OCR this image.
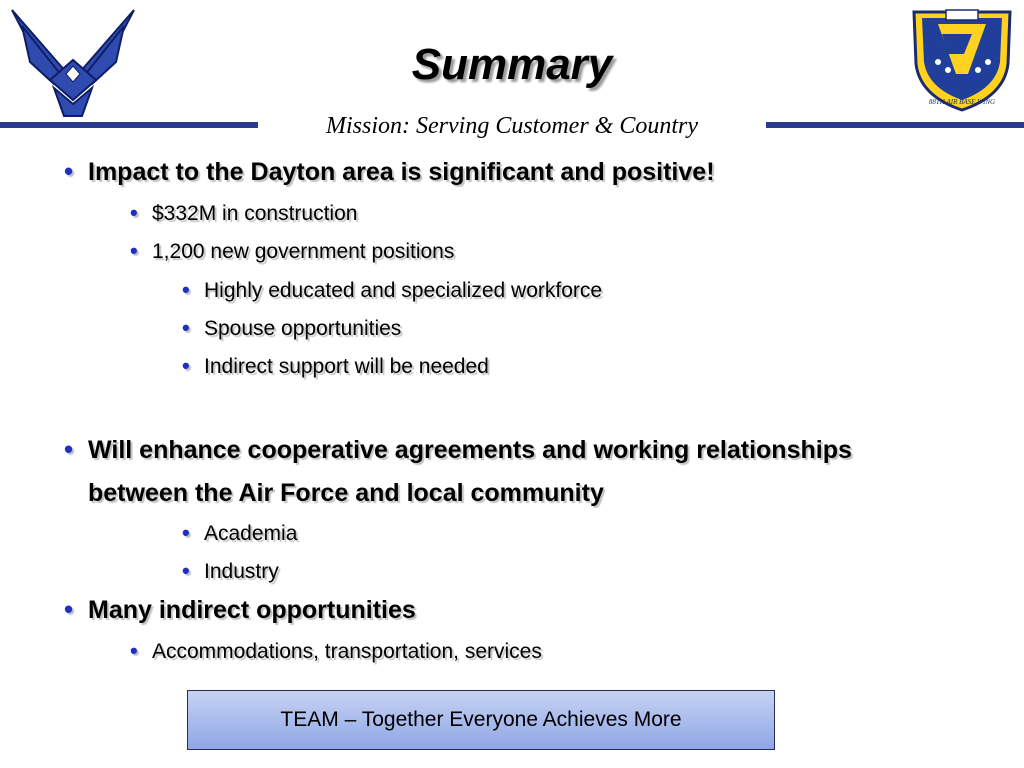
88TH AIR BASE WING
Summary
Mission: Serving Customer & Country
• Impact to the Dayton area is significant and positive!
• $332M in construction
• 1,200 new government positions
• Highly educated and specialized workforce
• Spouse opportunities
• Indirect support will be needed
• Will enhance cooperative agreements and working relationships
between the Air Force and local community
• Academia
• Industry
• Many indirect opportunities
• Accommodations, transportation, services
TEAM – Together Everyone Achieves More
